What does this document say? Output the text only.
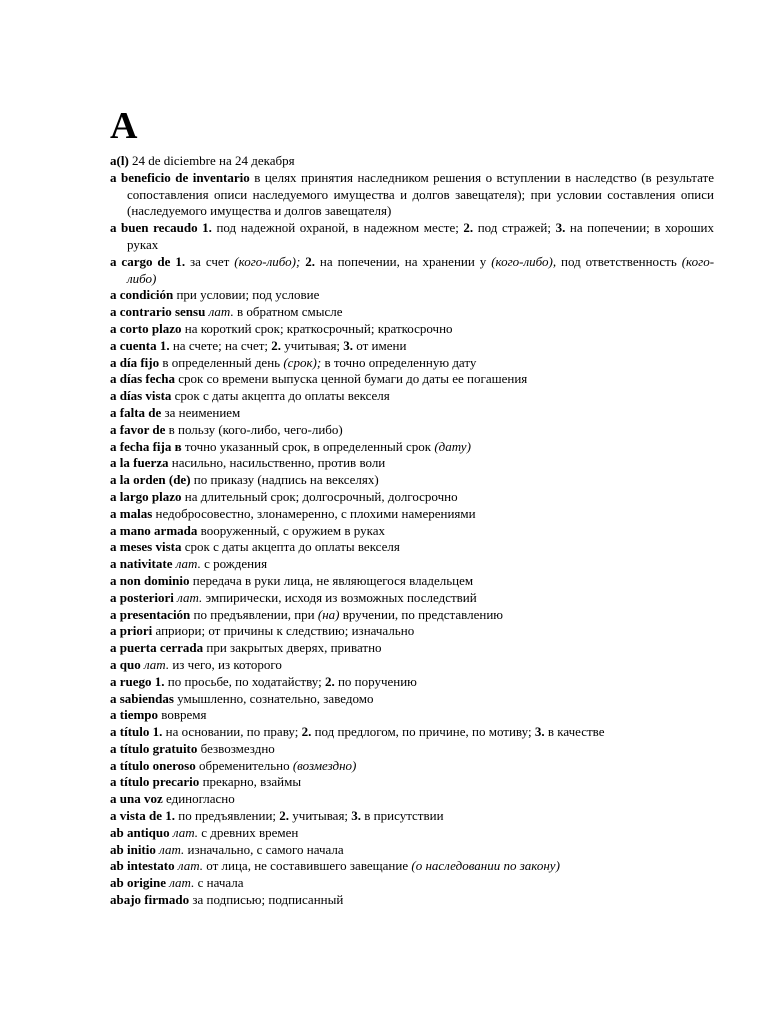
A

a(l) 24 de diciembre на 24 декабря

a beneficio de inventario в целях принятия наследником решения о вступлении в наследство (в результате сопоставления описи наследуемого имущества и долгов завещателя); при условии составления описи (наследуемого имущества и долгов завещателя)

a buen recaudo 1. под надежной охраной, в надежном месте; 2. под стражей; 3. на попечении; в хороших руках

a cargo de 1. за счет (кого-либо); 2. на попечении, на хранении у (кого-либо), под ответственность (кого-либо)

a condición при условии; под условие

a contrario sensu лат. в обратном смысле

a corto plazo на короткий срок; краткосрочный; краткосрочно

a cuenta 1. на счете; на счет; 2. учитывая; 3. от имени

a día fijo в определенный день (срок); в точно определенную дату

a días fecha срок со времени выпуска ценной бумаги до даты ее погашения

a días vista срок с даты акцепта до оплаты векселя

a falta de за неимением

a favor de в пользу (кого-либо, чего-либо)

a fecha fija в точно указанный срок, в определенный срок (дату)

a la fuerza насильно, насильственно, против воли

a la orden (de) по приказу (надпись на векселях)

a largo plazo на длительный срок; долгосрочный, долгосрочно

a malas недобросовестно, злонамеренно, с плохими намерениями

a mano armada вооруженный, с оружием в руках

a meses vista срок с даты акцепта до оплаты векселя

a nativitate лат. с рождения

a non dominio передача в руки лица, не являющегося владельцем

a posteriori лат. эмпирически, исходя из возможных последствий

a presentación по предъявлении, при (на) вручении, по представлению

a priori априори; от причины к следствию; изначально

a puerta cerrada при закрытых дверях, приватно

a quo лат. из чего, из которого

a ruego 1. по просьбе, по ходатайству; 2. по поручению

a sabiendas умышленно, сознательно, заведомо

a tiempo вовремя

a título 1. на основании, по праву; 2. под предлогом, по причине, по мотиву; 3. в качестве

a título gratuito безвозмездно

a título oneroso обременительно (возмездно)

a título precario прекарно, взаймы

a una voz единогласно

a vista de 1. по предъявлении; 2. учитывая; 3. в присутствии

ab antiquo лат. с древних времен

ab initio лат. изначально, с самого начала

ab intestato лат. от лица, не составившего завещание (о наследовании по закону)

ab origine лат. с начала

abajo firmado за подписью; подписанный
